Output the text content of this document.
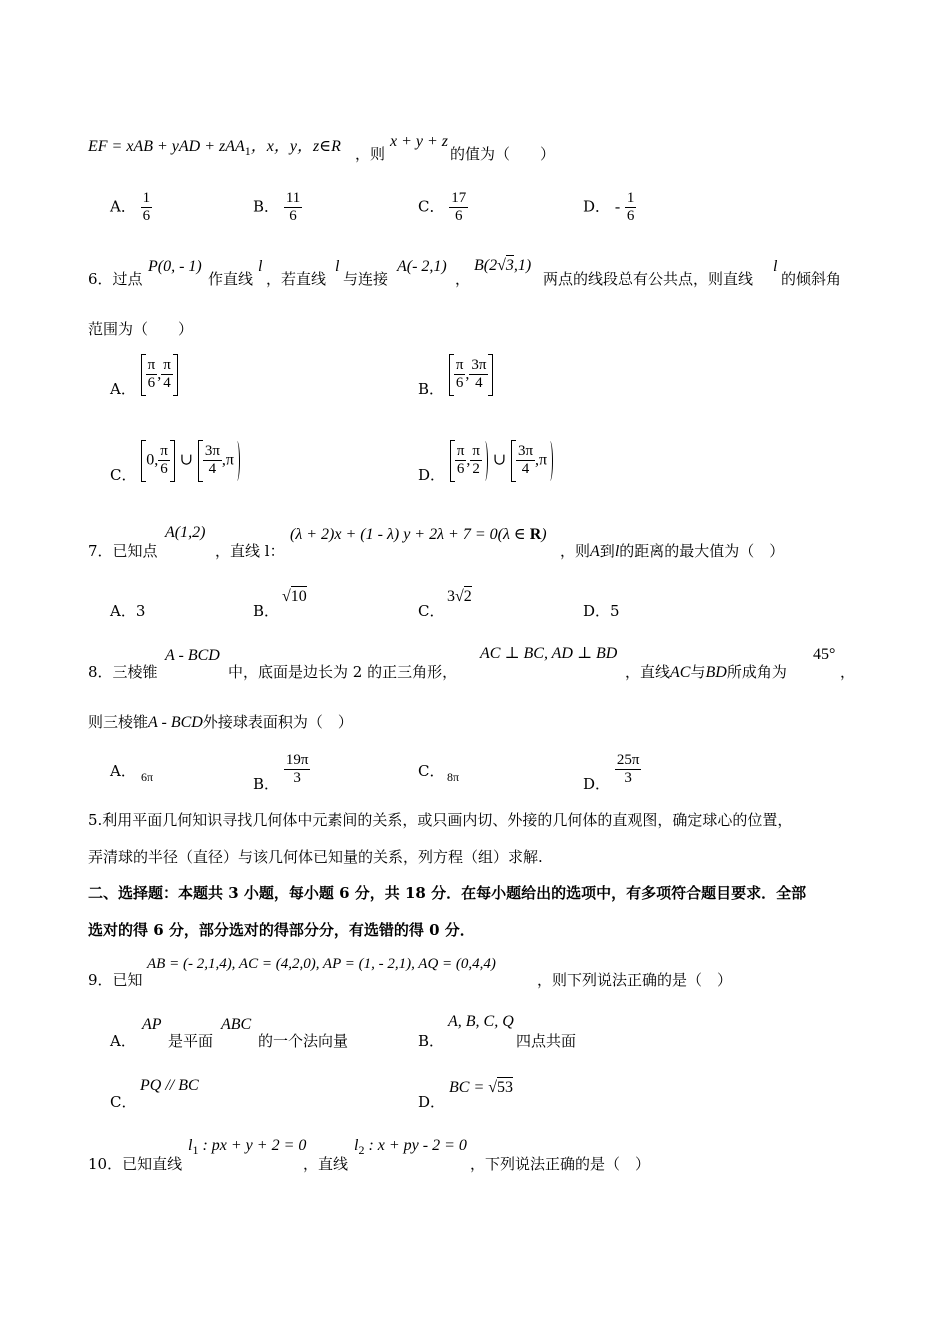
EF = xAB + yAD + zAA$_1$，x，y，z∈R ，则
x + y + z
的值为（　　）
A． $\frac{1}{6}$	B． $\frac{11}{6}$	C． $\frac{17}{6}$	D． - $\frac{1}{6}$
6．过点
P(0, - 1)
作直线
l
，若直线
l
与连接
A(- 2,1)
，
B(2√3,1)
两点的线段总有公共点，则直线
l
的倾斜角
范围为（　　）
A． $\frac{\pi}{6}$ , $\frac{\pi}{4}$	B． $\frac{\pi}{6}$ , $\frac{3\pi}{4}$
C． 0, $\frac{\pi}{6}$ ∪ $\frac{3\pi}{4} ,\pi$
D． $\frac{\pi}{6}$ , $\frac{\pi}{2}$ ∪ $\frac{3\pi}{4} ,\pi$
7．已知点
A(1,2)
，直线 l：
(λ + 2)x + (1 - λ) y + 2λ + 7 = 0(λ ∈ R)
，则A到l的距离的最大值为（　）
A．3	B．
√10
C．
3√2
D．5
8．三棱锥
A - BCD
中，底面是边长为 2 的正三角形，
AC ⊥ BC, AD ⊥ BD
，直线AC与BD所成角为
45°
，
则三棱锥A - BCD外接球表面积为（　）
A． 6π	B． $\frac{19\pi}{3}$	C． 8π	D． $\frac{25\pi}{3}$
5.利用平面几何知识寻找几何体中元素间的关系，或只画内切、外接的几何体的直观图，确定球心的位置，
弄清球的半径（直径）与该几何体已知量的关系，列方程（组）求解.
二、选择题：本题共 3 小题，每小题 6 分，共 18 分．在每小题给出的选项中，有多项符合题目要求．全部
选对的得 6 分，部分选对的得部分分，有选错的得 0 分．
9．已知
AB = (- 2,1,4), AC = (4,2,0), AP = (1, - 2,1), AQ = (0,4,4)
，则下列说法正确的是（　）
A．
AP
是平面
ABC
的一个法向量	B．
A, B, C, Q
四点共面
C．
PQ // BC
D．
BC = √53
10．已知直线
$l_1$ : px + y + 2 = 0
，直线
$l_2$ : x + py - 2 = 0
，下列说法正确的是（　）
